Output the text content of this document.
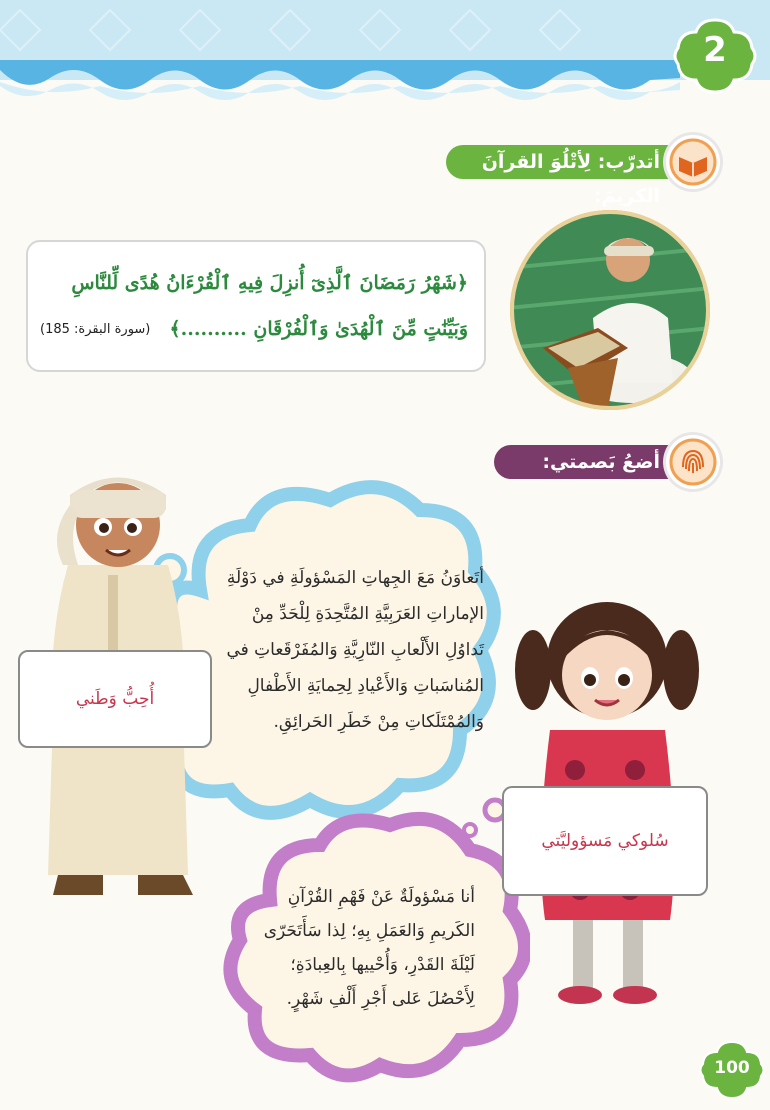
2
أتدرّب: لِأتْلُوَ القرآنَ الكريمَ:
﴿شَهْرُ رَمَضَانَ ٱلَّذِىٓ أُنزِلَ فِيهِ ٱلْقُرْءَانُ هُدًى لِّلنَّاسِ
وَبَيِّنَٰتٍ مِّنَ ٱلْهُدَىٰ وَٱلْفُرْقَانِ ..........﴾
(سورة البقرة: 185)
أضعُ بَصمتي:
أتَعاوَنُ مَعَ الجِهاتِ المَسْؤولَةِ في دَوْلَةِ
الإماراتِ العَرَبِيَّةِ المُتَّحِدَةِ لِلْحَدِّ مِنْ
تَداوُلِ الأَلْعابِ النّارِيَّةِ وَالمُفَرْقَعاتِ في
المُناسَباتِ وَالأَعْيادِ لِحِمايَةِ الأَطْفالِ
وَالمُمْتَلَكاتِ مِنْ خَطَرِ الحَرائِقِ.
أنا مَسْؤولَةٌ عَنْ فَهْمِ القُرْآنِ
الكَريمِ وَالعَمَلِ بِهِ؛ لِذا سَأَتَحَرّى
لَيْلَةَ القَدْرِ، وَأُحْييها بِالعِبادَةِ؛
لِأَحْصُلَ عَلى أَجْرِ أَلْفِ شَهْرٍ.
أُحِبُّ وَطَني
سُلوكي مَسؤوليَّتي
100
